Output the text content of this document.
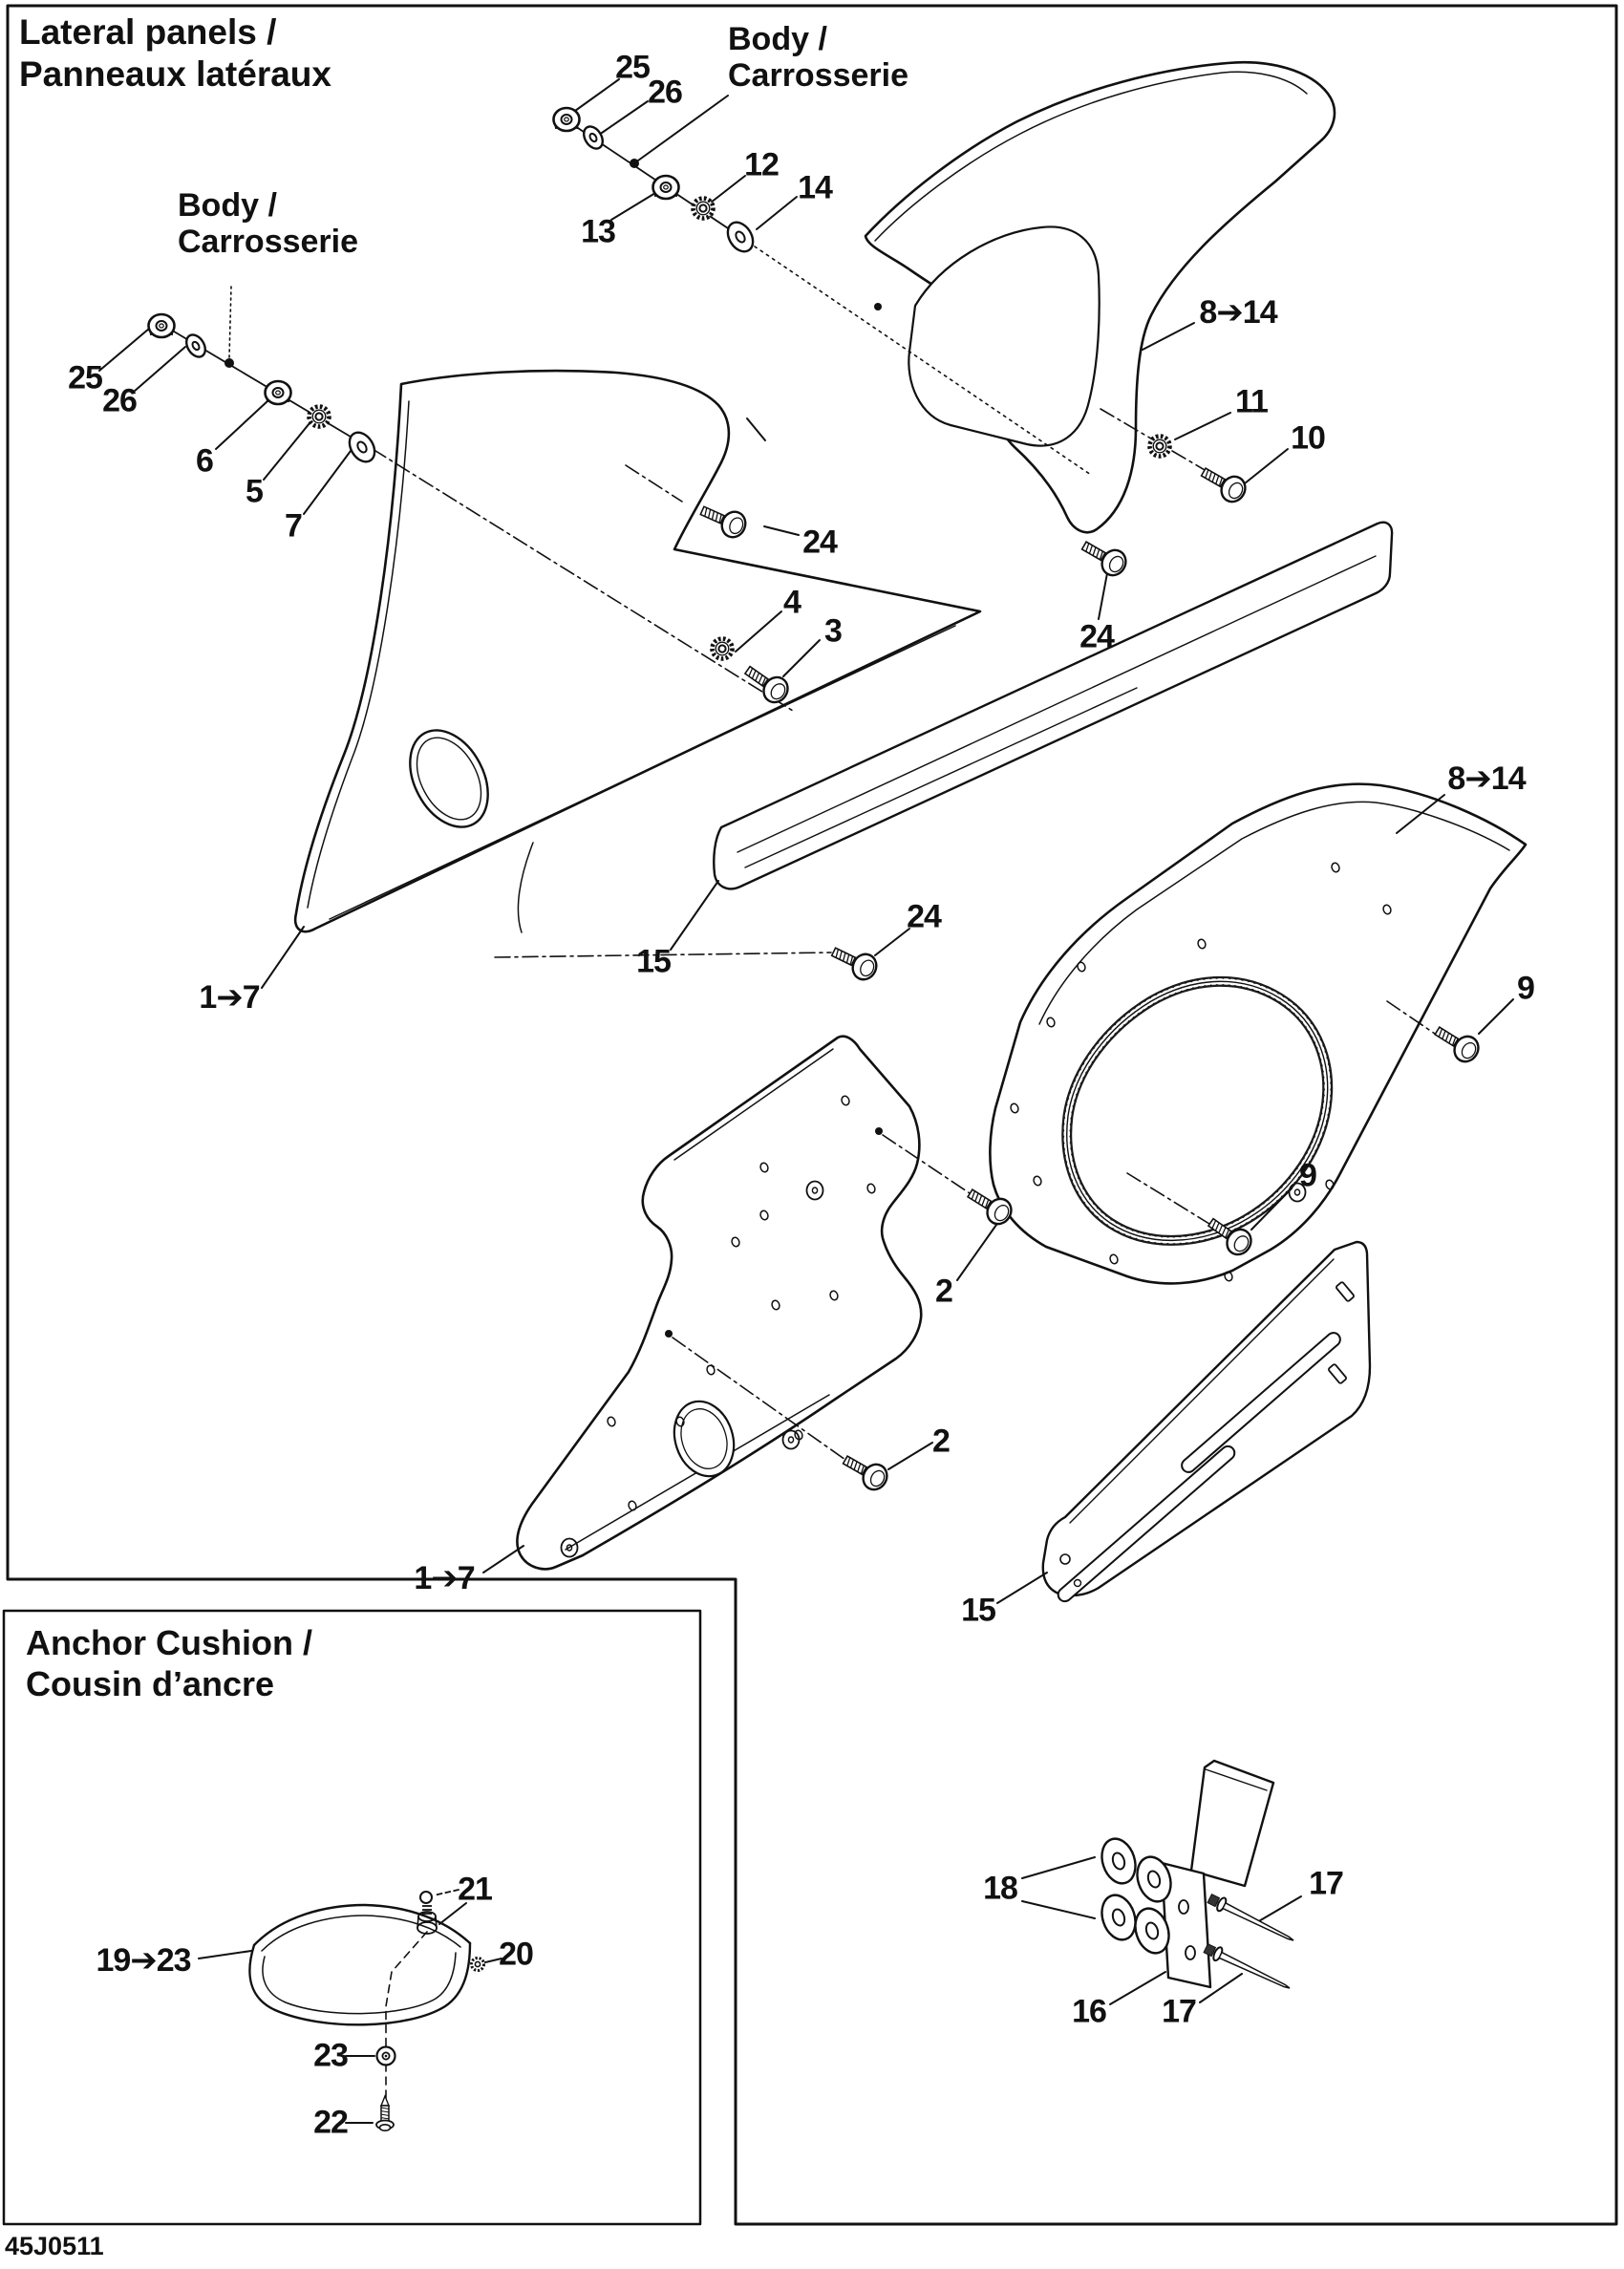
Lateral panels /
Panneaux latéraux
Anchor Cushion /
Cousin d’ancre
45J0511
25
26
13
12
14
8➔14
11
10
24
24
25
26
6
5
7
4
3
1➔7
15
24
8➔14
9
9
2
2
1➔7
15
21
20
19➔23
23
22
18	17
16 17
Body /
Carrosserie
Body /
Carrosserie
